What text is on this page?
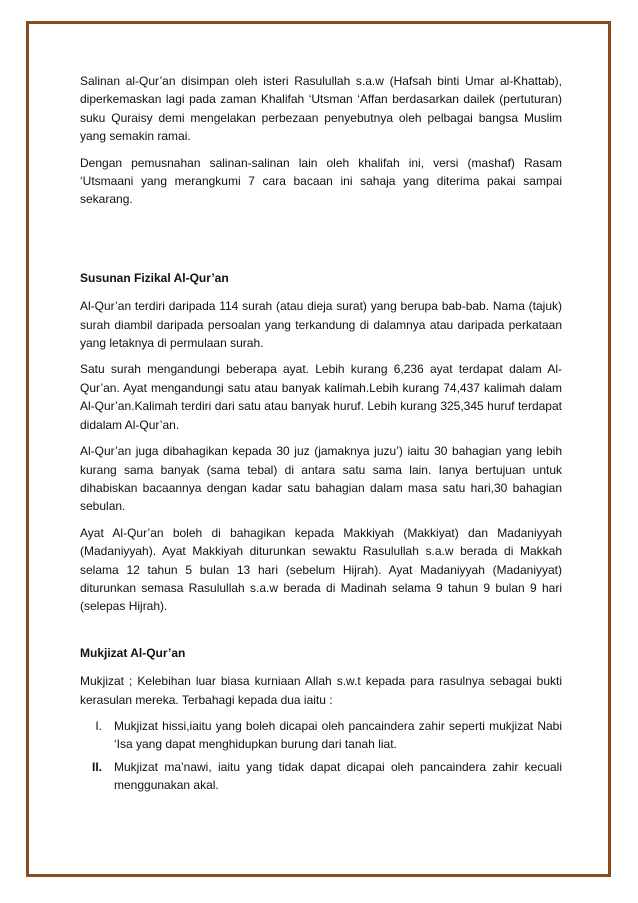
Salinan al-Qur’an disimpan oleh isteri Rasulullah s.a.w (Hafsah binti Umar al-Khattab), diperkemaskan lagi pada zaman Khalifah ‘Utsman ‘Affan berdasarkan dailek (pertuturan) suku Quraisy demi mengelakan perbezaan penyebutnya oleh pelbagai bangsa Muslim yang semakin ramai.

Dengan pemusnahan salinan-salinan lain oleh khalifah ini, versi (mashaf) Rasam ‘Utsmaani yang merangkumi 7 cara bacaan ini sahaja yang diterima pakai sampai sekarang.

Susunan Fizikal Al-Qur’an

Al-Qur’an terdiri daripada 114 surah (atau dieja surat) yang berupa bab-bab. Nama (tajuk) surah diambil daripada persoalan yang terkandung di dalamnya atau daripada perkataan yang letaknya di permulaan surah.

Satu surah mengandungi beberapa ayat. Lebih kurang 6,236 ayat terdapat dalam Al-Qur’an. Ayat mengandungi satu atau banyak kalimah.Lebih kurang 74,437 kalimah dalam Al-Qur’an.Kalimah terdiri dari satu atau banyak huruf. Lebih kurang 325,345 huruf terdapat didalam Al-Qur’an.

Al-Qur’an juga dibahagikan kepada 30 juz (jamaknya juzu’) iaitu 30 bahagian yang lebih kurang sama banyak (sama tebal) di antara satu sama lain. Ianya bertujuan untuk dihabiskan bacaannya dengan kadar satu bahagian dalam masa satu hari,30 bahagian sebulan.

Ayat Al-Qur’an boleh di bahagikan kepada Makkiyah (Makkiyat) dan Madaniyyah (Madaniyyah). Ayat Makkiyah diturunkan sewaktu Rasulullah s.a.w berada di Makkah selama 12 tahun 5 bulan 13 hari (sebelum Hijrah). Ayat Madaniyyah (Madaniyyat) diturunkan semasa Rasulullah s.a.w berada di Madinah selama 9 tahun 9 bulan 9 hari (selepas Hijrah).

Mukjizat Al-Qur’an

Mukjizat ; Kelebihan luar biasa kurniaan Allah s.w.t kepada para rasulnya sebagai bukti kerasulan mereka. Terbahagi kepada dua iaitu :

I.	Mukjizat hissi,iaitu yang boleh dicapai oleh pancaindera zahir seperti mukjizat Nabi ‘Isa yang dapat menghidupkan burung dari tanah liat.
II.	Mukjizat ma’nawi, iaitu yang tidak dapat dicapai oleh pancaindera zahir kecuali menggunakan akal.
